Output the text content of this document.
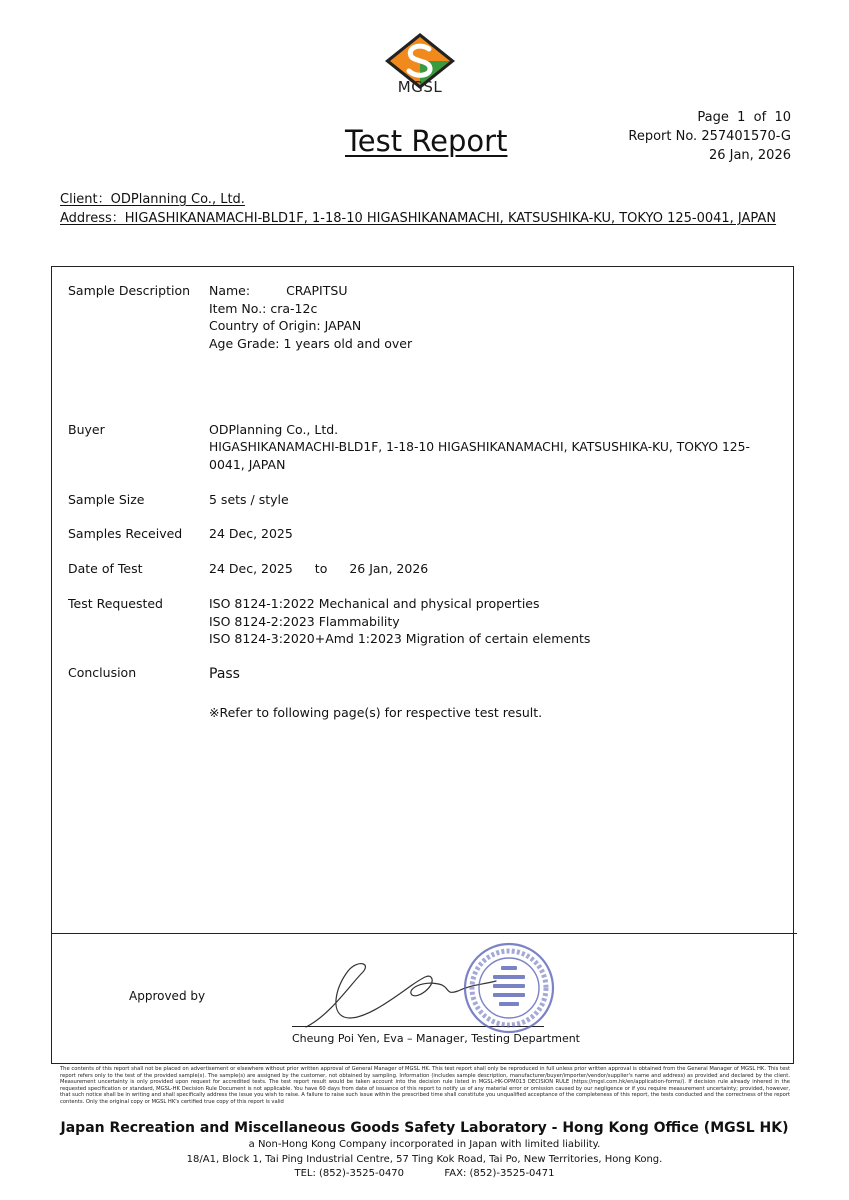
MGSL
Test Report
Page 1 of 10
Report No. 257401570-G
26 Jan, 2026
Client：ODPlanning Co., Ltd.
Address：HIGASHIKANAMACHI-BLD1F, 1-18-10 HIGASHIKANAMACHI, KATSUSHIKA-KU, TOKYO 125-0041, JAPAN
Sample Description Name:	CRAPITSU
Item No.: cra-12c
Country of Origin: JAPAN
Age Grade: 1 years old and over
Buyer	ODPlanning Co., Ltd.
HIGASHIKANAMACHI-BLD1F, 1-18-10 HIGASHIKANAMACHI, KATSUSHIKA-KU, TOKYO 125-
0041, JAPAN
Sample Size	5 sets / style
Samples Received 24 Dec, 2025
Date of Test	24 Dec, 2025 to 26 Jan, 2026
Test Requested	ISO 8124-1:2022 Mechanical and physical properties
ISO 8124-2:2023 Flammability
ISO 8124-3:2020+Amd 1:2023 Migration of certain elements
Conclusion	Pass
※Refer to following page(s) for respective test result.
Approved by
Cheung Poi Yen, Eva – Manager, Testing Department
The contents of this report shall not be placed on advertisement or elsewhere without prior written approval of General Manager of MGSL HK. This test report shall only be reproduced in full unless prior written approval is obtained from the General Manager of MGSL HK. This test report refers only to the test of the provided sample(s). The sample(s) are assigned by the customer, not obtained by sampling. Information (includes sample description, manufacturer/buyer/importer/vendor/supplier's name and address) as provided and declared by the client. Measurement uncertainty is only provided upon request for accredited tests. The test report result would be taken account into the decision rule listed in MGSL-HK-OPM013 DECISION RULE (https://mgsl.com.hk/en/application-forms/). If decision rule already inhered in the requested specification or standard, MGSL-HK Decision Rule Document is not applicable. You have 60 days from date of issuance of this report to notify us of any material error or omission caused by our negligence or if you require measurement uncertainty; provided, however, that such notice shall be in writing and shall specifically address the issue you wish to raise. A failure to raise such issue within the prescribed time shall constitute you unqualified acceptance of the completeness of this report, the tests conducted and the correctness of the report contents. Only the original copy or MGSL HK's certified true copy of this report is valid
Japan Recreation and Miscellaneous Goods Safety Laboratory - Hong Kong Office (MGSL HK)
a Non-Hong Kong Company incorporated in Japan with limited liability.
18/A1, Block 1, Tai Ping Industrial Centre, 57 Ting Kok Road, Tai Po, New Territories, Hong Kong.
TEL: (852)-3525-0470	FAX: (852)-3525-0471
